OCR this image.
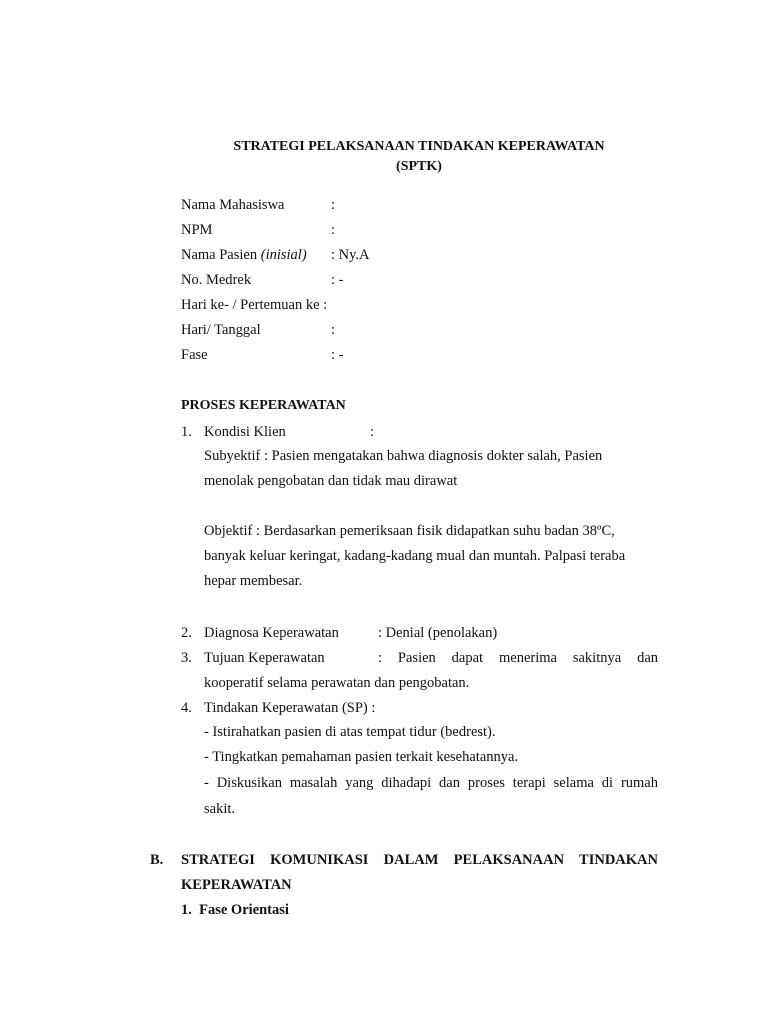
STRATEGI PELAKSANAAN TINDAKAN KEPERAWATAN
(SPTK)
Nama Mahasiswa	:
NPM	:
Nama Pasien (inisial) : Ny.A
No. Medrek	: -
Hari ke- / Pertemuan ke :
Hari/ Tanggal	:
Fase	: -
PROSES KEPERAWATAN
1. Kondisi Klien	:
Subyektif : Pasien mengatakan bahwa diagnosis dokter salah, Pasien
menolak pengobatan dan tidak mau dirawat
Objektif : Berdasarkan pemeriksaan fisik didapatkan suhu badan 38ºC,
banyak keluar keringat, kadang-kadang mual dan muntah. Palpasi teraba
hepar membesar.
2. Diagnosa Keperawatan	: Denial (penolakan)
3. Tujuan Keperawatan	: Pasien dapat menerima sakitnya dan
kooperatif selama perawatan dan pengobatan.
4. Tindakan Keperawatan (SP) :
- Istirahatkan pasien di atas tempat tidur (bedrest).
- Tingkatkan pemahaman pasien terkait kesehatannya.
- Diskusikan masalah yang dihadapi dan proses terapi selama di rumah
sakit.
B. STRATEGI KOMUNIKASI DALAM PELAKSANAAN TINDAKAN
KEPERAWATAN
1.  Fase Orientasi
